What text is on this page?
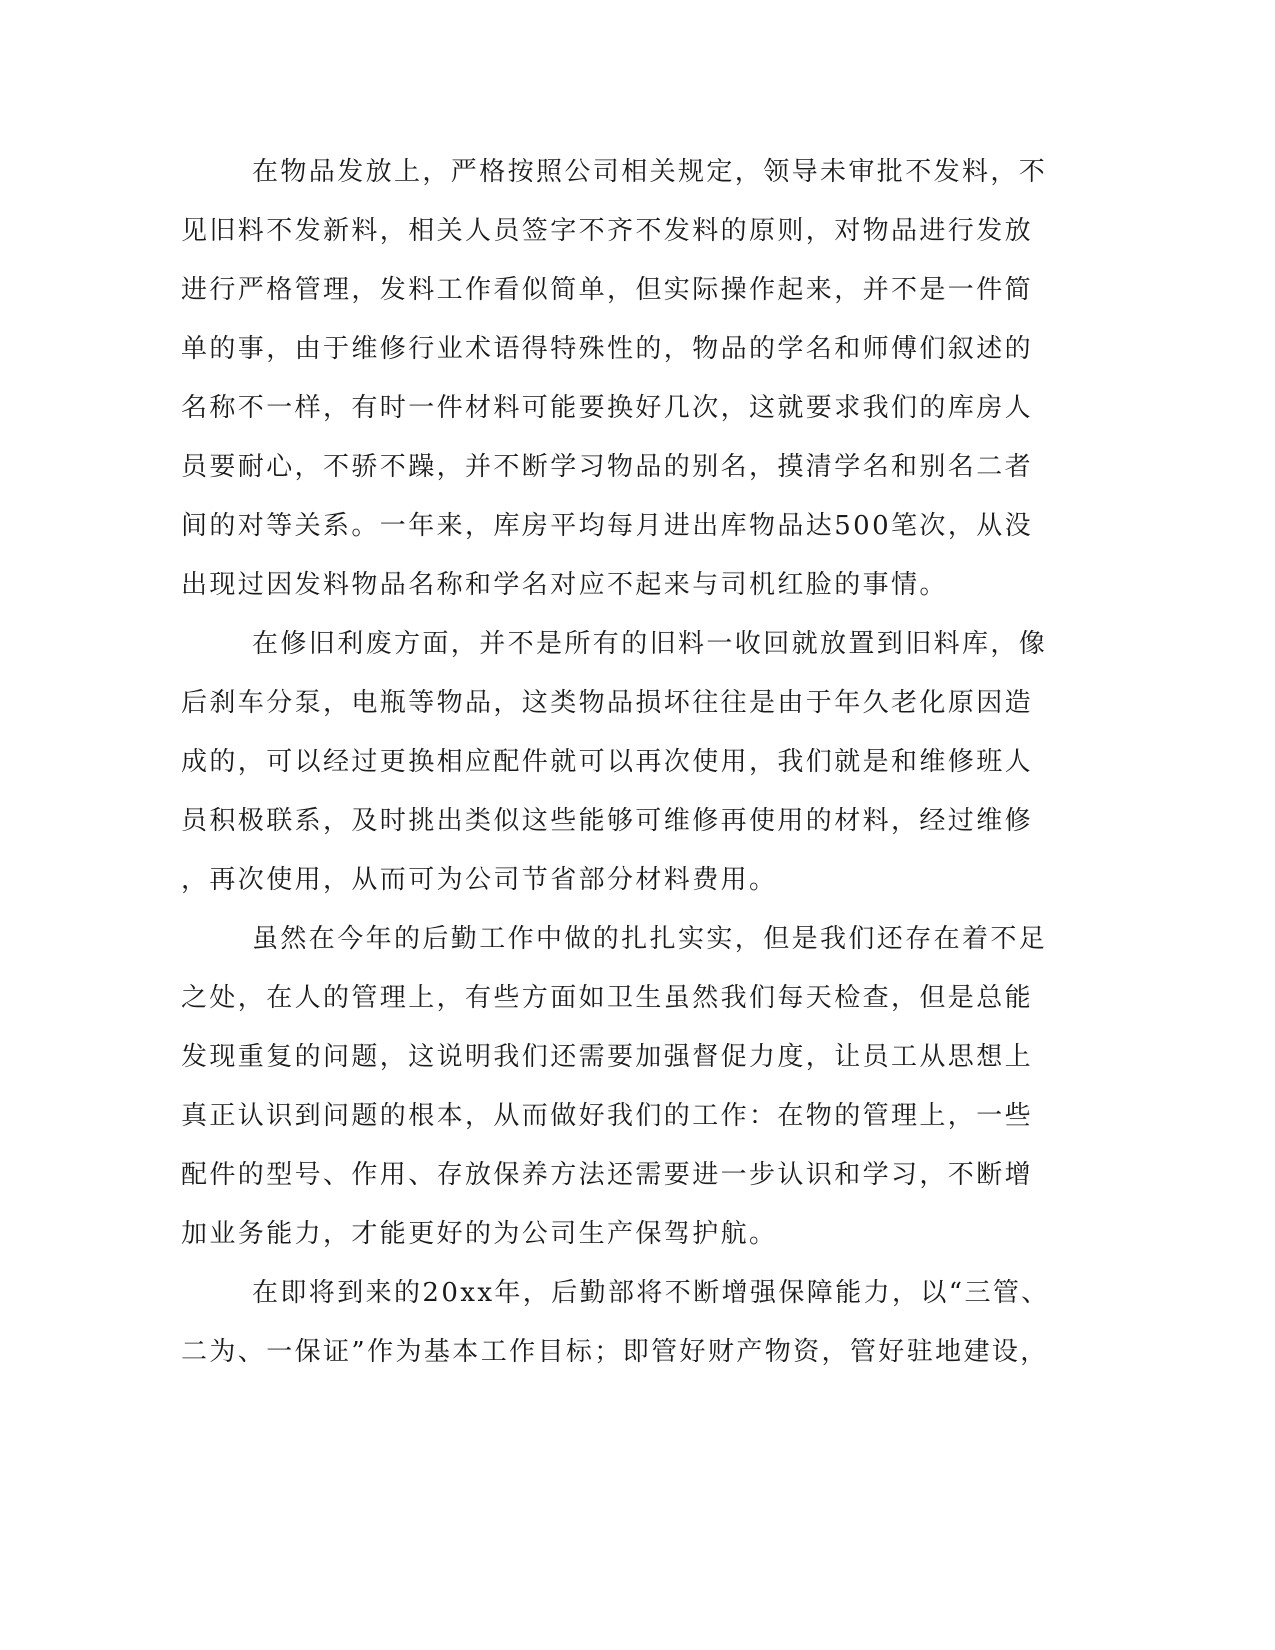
在物品发放上，严格按照公司相关规定，领导未审批不发料，不
见旧料不发新料，相关人员签字不齐不发料的原则，对物品进行发放
进行严格管理，发料工作看似简单，但实际操作起来，并不是一件简
单的事，由于维修行业术语得特殊性的，物品的学名和师傅们叙述的
名称不一样，有时一件材料可能要换好几次，这就要求我们的库房人
员要耐心，不骄不躁，并不断学习物品的别名，摸清学名和别名二者
间的对等关系。一年来，库房平均每月进出库物品达500笔次，从没
出现过因发料物品名称和学名对应不起来与司机红脸的事情。
在修旧利废方面，并不是所有的旧料一收回就放置到旧料库，像
后刹车分泵，电瓶等物品，这类物品损坏往往是由于年久老化原因造
成的，可以经过更换相应配件就可以再次使用，我们就是和维修班人
员积极联系，及时挑出类似这些能够可维修再使用的材料，经过维修
，再次使用，从而可为公司节省部分材料费用。
虽然在今年的后勤工作中做的扎扎实实，但是我们还存在着不足
之处，在人的管理上，有些方面如卫生虽然我们每天检查，但是总能
发现重复的问题，这说明我们还需要加强督促力度，让员工从思想上
真正认识到问题的根本，从而做好我们的工作：在物的管理上，一些
配件的型号、作用、存放保养方法还需要进一步认识和学习，不断增
加业务能力，才能更好的为公司生产保驾护航。
在即将到来的20xx年，后勤部将不断增强保障能力，以“三管、
二为、一保证”作为基本工作目标；即管好财产物资，管好驻地建设，
